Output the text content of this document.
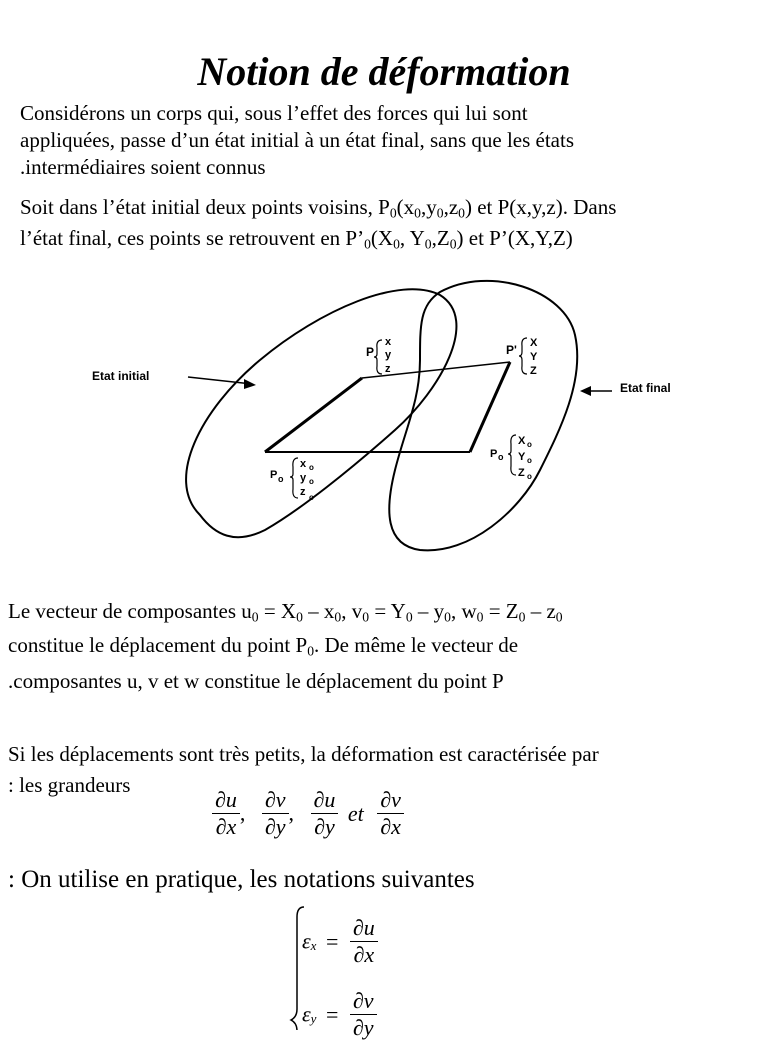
Notion de déformation
Considérons un corps qui, sous l’effet des forces qui lui sont
appliquées, passe d’un état initial à un état final, sans que les états
.intermédiaires soient connus
Soit dans l’état initial deux points voisins, $P_0(x_0,y_0,z_0)$ et P(x,y,z). Dans
l’état final, ces points se retrouvent en $P’_0(X_0$, $Y_0,Z_0$) et P’(X,Y,Z)
Etat initial
Etat final
P
x
y
z
P' X
Y
Z
P o
x o
y o
z o
P o
X o
Y o
Z o
Le vecteur de composantes $u_0 = X_0 - x_0$, $v_0 = Y_0 - y_0$, $w_0 = Z_0 - z_0$
constitue le déplacement du point $P_0$. De même le vecteur de
.composantes u, v et w constitue le déplacement du point P
Si les déplacements sont très petits, la déformation est caractérisée par
: les grandeurs
$\frac{\partial u}{\partial x}$ , $\frac{\partial v}{\partial y}$ , $\frac{\partial u}{\partial y}$ et $\frac{\partial v}{\partial x}$
: On utilise en pratique, les notations suivantes
$\varepsilon_x = \frac{\partial u}{\partial x}$
$\varepsilon_y = \frac{\partial v}{\partial y}$
